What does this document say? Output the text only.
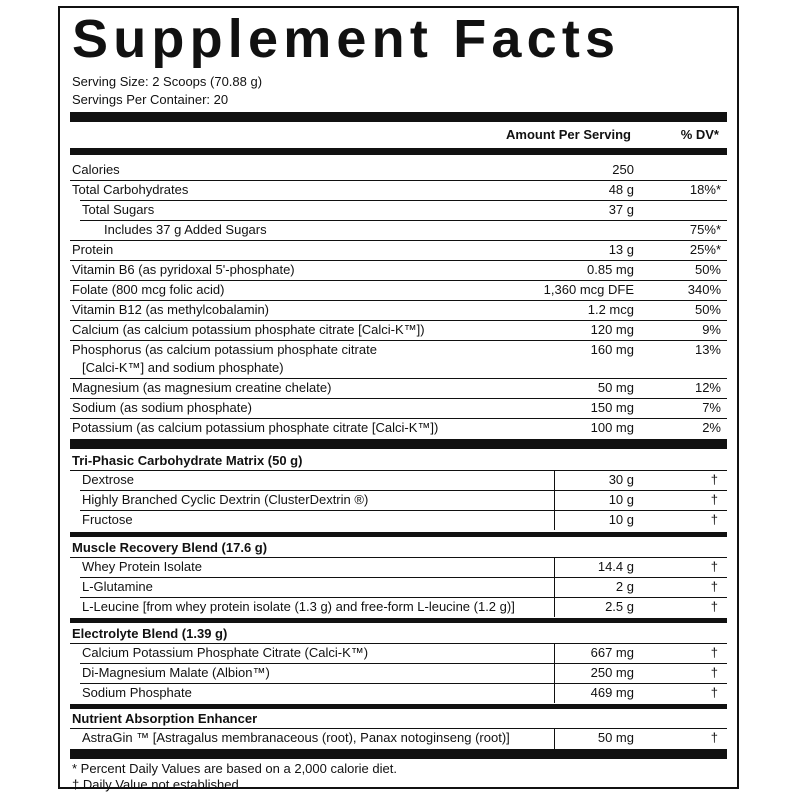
Supplement Facts
Serving Size: 2 Scoops (70.88 g)
Servings Per Container: 20
Amount Per Serving	% DV*
Calories	250
Total Carbohydrates	48 g	18%*
Total Sugars	37 g
Includes 37 g Added Sugars	75%*
Protein	13 g	25%*
Vitamin B6 (as pyridoxal 5'-phosphate)	0.85 mg	50%
Folate (800 mcg folic acid)	1,360 mcg DFE	340%
Vitamin B12 (as methylcobalamin)	1.2 mcg	50%
Calcium (as calcium potassium phosphate citrate [Calci-K™])	120 mg	9%
Phosphorus (as calcium potassium phosphate citrate
[Calci-K™] and sodium phosphate)
160 mg	13%
Magnesium (as magnesium creatine chelate)	50 mg	12%
Sodium (as sodium phosphate)	150 mg	7%
Potassium (as calcium potassium phosphate citrate [Calci-K™])	100 mg	2%
Tri-Phasic Carbohydrate Matrix (50 g)
Dextrose	30 g	†
Highly Branched Cyclic Dextrin (ClusterDextrin ®)	10 g	†
Fructose	10 g	†
Muscle Recovery Blend (17.6 g)
Whey Protein Isolate	14.4 g	†
L-Glutamine	2 g	†
L-Leucine [from whey protein isolate (1.3 g) and free-form L-leucine (1.2 g)]	2.5 g	†
Electrolyte Blend (1.39 g)
Calcium Potassium Phosphate Citrate (Calci-K™)	667 mg	†
Di-Magnesium Malate (Albion™)	250 mg	†
Sodium Phosphate	469 mg	†
Nutrient Absorption Enhancer
AstraGin ™ [Astragalus membranaceous (root), Panax notoginseng (root)]	50 mg	†
* Percent Daily Values are based on a 2,000 calorie diet.
† Daily Value not established.
